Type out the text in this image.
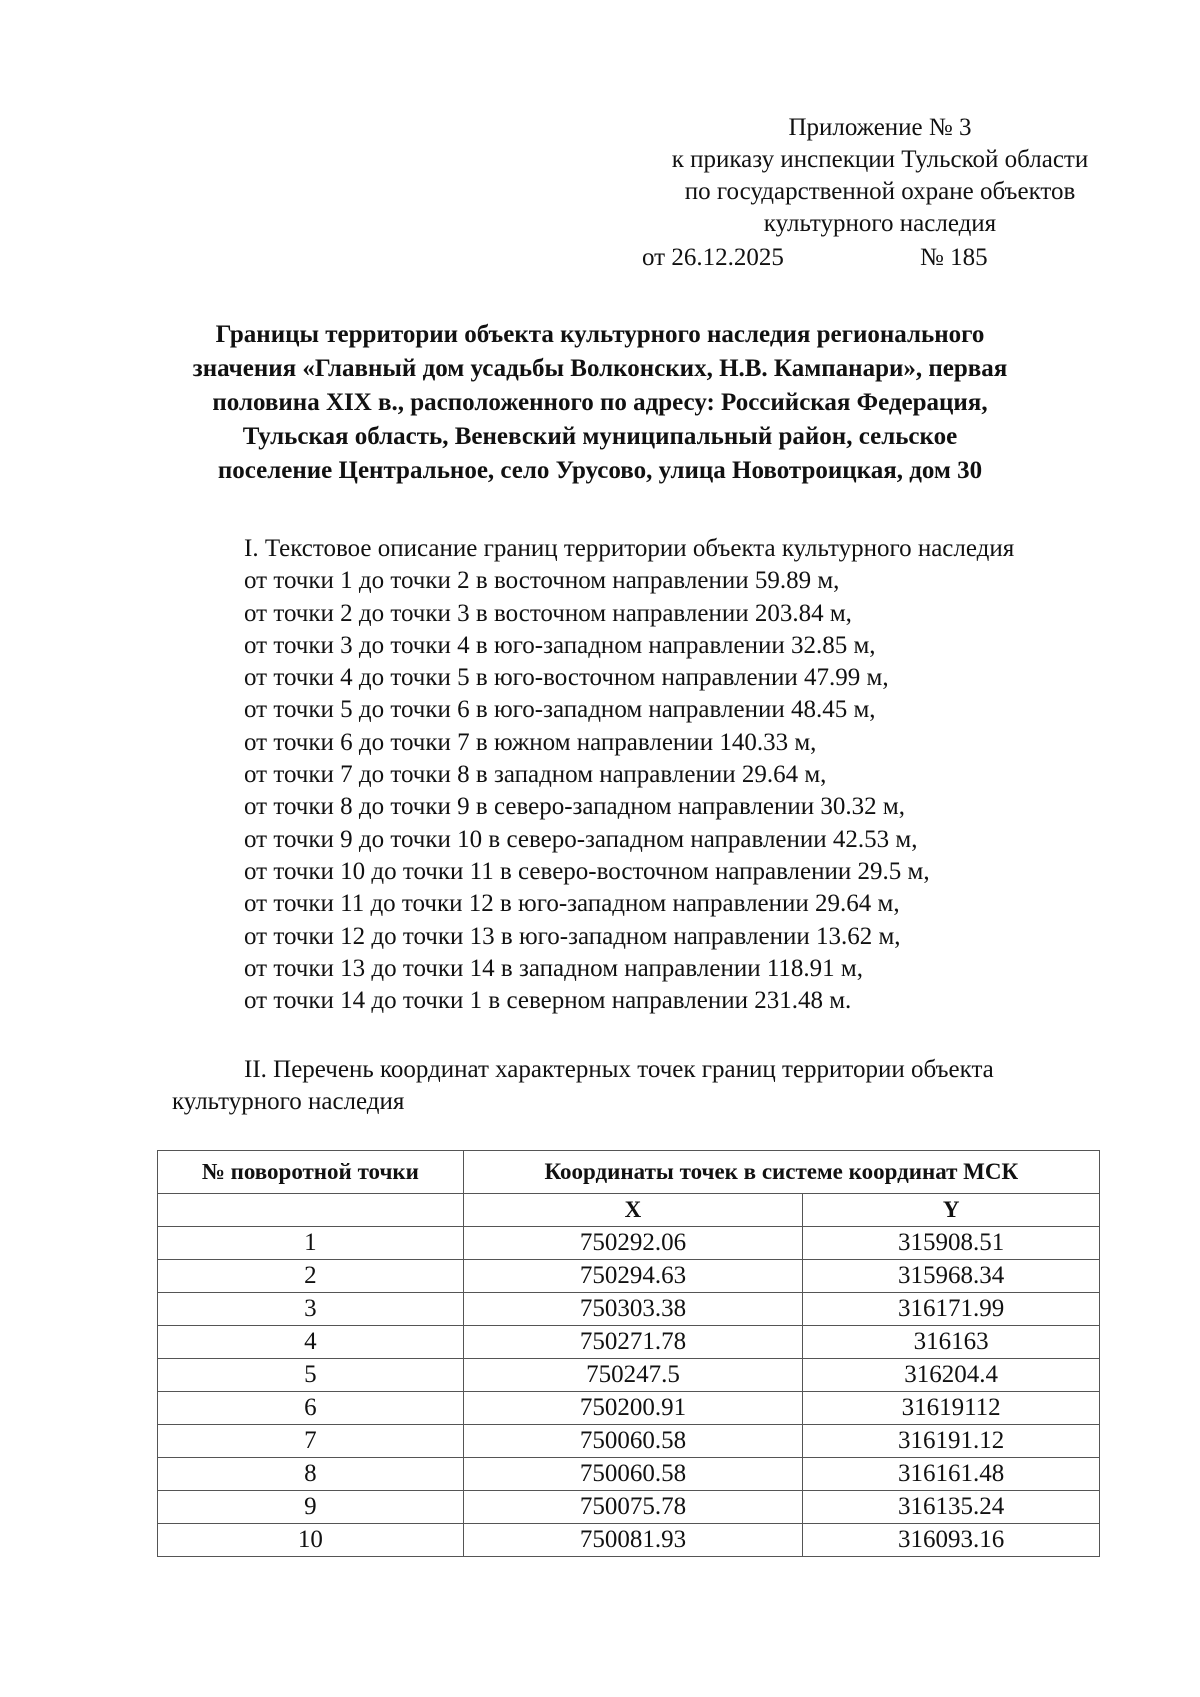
Приложение № 3
к приказу инспекции Тульской области
по государственной охране объектов
культурного наследия
от 26.12.2025	№ 185
Границы территории объекта культурного наследия регионального
значения «Главный дом усадьбы Волконских, Н.В. Кампанари», первая
половина XIX в., расположенного по адресу: Российская Федерация,
Тульская область, Веневский муниципальный район, сельское
поселение Центральное, село Урусово, улица Новотроицкая, дом 30
I. Текстовое описание границ территории объекта культурного наследия
от точки 1 до точки 2 в восточном направлении 59.89 м,
от точки 2 до точки 3 в восточном направлении 203.84 м,
от точки 3 до точки 4 в юго-западном направлении 32.85 м,
от точки 4 до точки 5 в юго-восточном направлении 47.99 м,
от точки 5 до точки 6 в юго-западном направлении 48.45 м,
от точки 6 до точки 7 в южном направлении 140.33 м,
от точки 7 до точки 8 в западном направлении 29.64 м,
от точки 8 до точки 9 в северо-западном направлении 30.32 м,
от точки 9 до точки 10 в северо-западном направлении 42.53 м,
от точки 10 до точки 11 в северо-восточном направлении 29.5 м,
от точки 11 до точки 12 в юго-западном направлении 29.64 м,
от точки 12 до точки 13 в юго-западном направлении 13.62 м,
от точки 13 до точки 14 в западном направлении 118.91 м,
от точки 14 до точки 1 в северном направлении 231.48 м.
II. Перечень координат характерных точек границ территории объекта
культурного наследия
№ поворотной точки	Координаты точек в системе координат МСК	
	X	Y
1	750292.06	315908.51
2	750294.63	315968.34
3	750303.38	316171.99
4	750271.78	316163
5	750247.5	316204.4
6	750200.91	31619112
7	750060.58	316191.12
8	750060.58	316161.48
9	750075.78	316135.24
10	750081.93	316093.16
